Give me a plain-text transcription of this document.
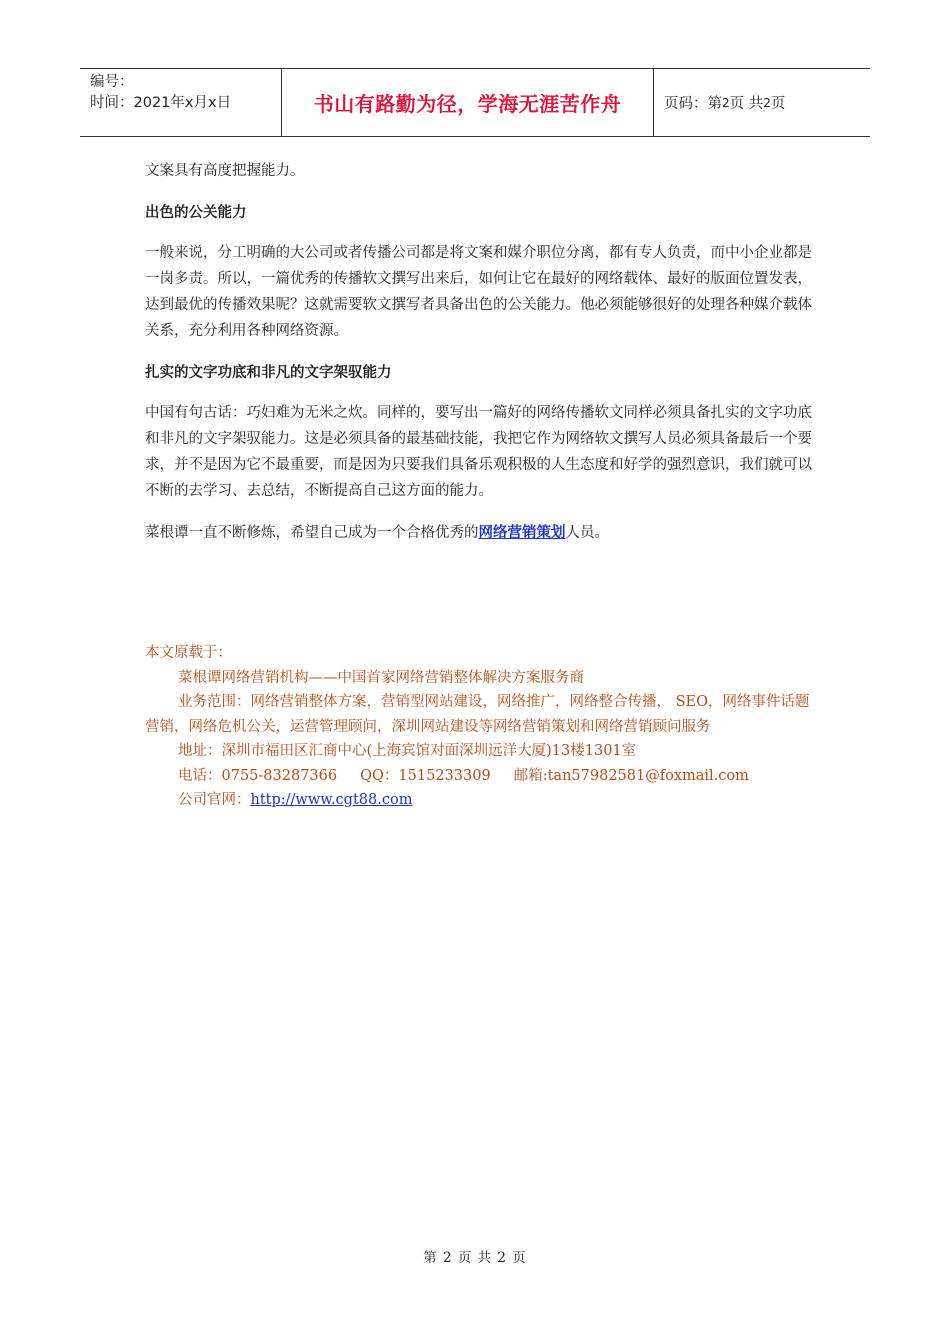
编号：
时间：2021年x月x日	书山有路勤为径，学海无涯苦作舟	页码：第 2 页 共 2 页

文案具有高度把握能力。

出色的公关能力

一般来说，分工明确的大公司或者传播公司都是将文案和媒介职位分离，都有专人负责，而中小企业都是一岗多责。所以，一篇优秀的传播软文撰写出来后，如何让它在最好的网络载体、最好的版面位置发表，达到最优的传播效果呢？这就需要软文撰写者具备出色的公关能力。他必须能够很好的处理各种媒介载体关系，充分利用各种网络资源。

扎实的文字功底和非凡的文字架驭能力

中国有句古话：巧妇难为无米之炊。同样的，要写出一篇好的网络传播软文同样必须具备扎实的文字功底和非凡的文字架驭能力。这是必须具备的最基础技能，我把它作为网络软文撰写人员必须具备最后一个要求，并不是因为它不最重要，而是因为只要我们具备乐观积极的人生态度和好学的强烈意识，我们就可以不断的去学习、去总结，不断提高自己这方面的能力。

菜根谭一直不断修炼，希望自己成为一个合格优秀的网络营销策划人员。

本文原载于：

菜根谭网络营销机构——中国首家网络营销整体解决方案服务商

业务范围：网络营销整体方案，营销型网站建设，网络推广，网络整合传播， SEO，网络事件话题营销，网络危机公关，运营管理顾问，深圳网站建设等网络营销策划和网络营销顾问服务

地址：深圳市福田区汇商中心(上海宾馆对面深圳远洋大厦)13楼1301室

电话：0755-83287366     QQ：1515233309     邮箱:tan57982581@foxmail.com

公司官网：http://www.cgt88.com

第 2 页 共 2 页
